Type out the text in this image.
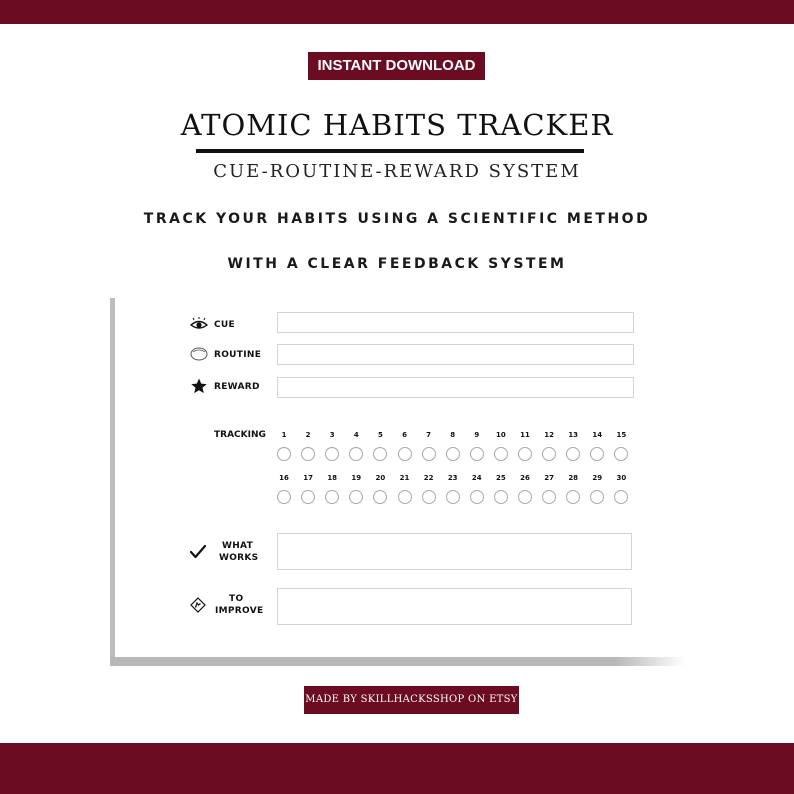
INSTANT DOWNLOAD
ATOMIC HABITS TRACKER
CUE-ROUTINE-REWARD SYSTEM
TRACK YOUR HABITS USING A SCIENTIFIC METHOD
WITH A CLEAR FEEDBACK SYSTEM
CUE
ROUTINE
REWARD
TRACKING	1	2	3	4	5	6	7	8	9	10	11	12	13	14	15
16	17	18	19	20	21	22	23	24	25	26	27	28	29	30
WHAT
WORKS
TO
IMPROVE
MADE BY SKILLHACKSSHOP ON ETSY
